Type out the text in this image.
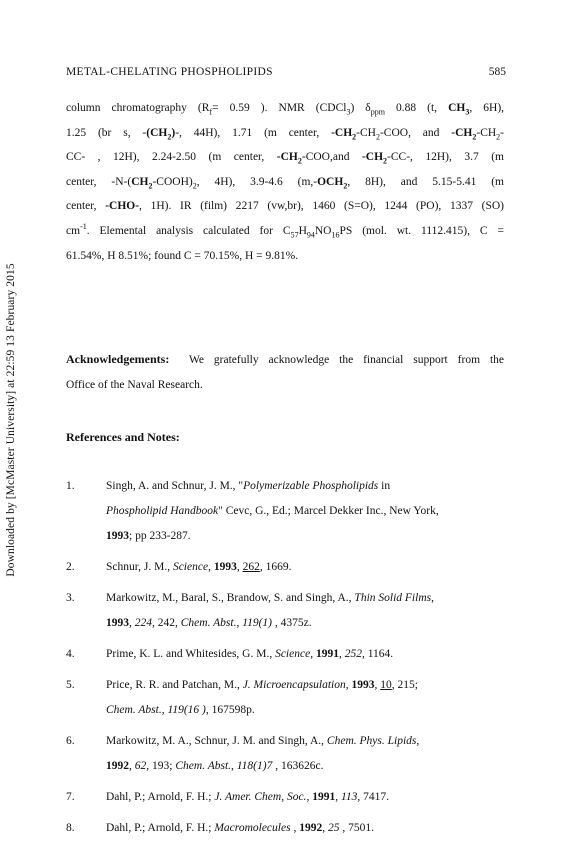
Downloaded by [McMaster University] at 22:59 13 February 2015
METAL-CHELATING PHOSPHOLIPIDS	585
column chromatography ($R_f= 0.59$ ). NMR (CDCl$_3$) $\delta_{ppm}$ 0.88 (t, $CH_3$, 6H),
1.25 (br s, $-(CH_2)-$, 44H), 1.71 (m center, $-CH_2-CH_2$-COO, and $-CH_2-CH_2-$
CC- , 12H), 2.24-2.50 (m center, $-CH_2-COO,and$ $-CH_2-CC-$, 12H), 3.7 (m
center, $-N-(CH_2-COOH)_2$, 4H), 3.9-4.6 ($m,-OCH_2$, 8H), and 5.15-5.41 (m
center, -CHO-, 1H). IR (film) 2217 (vw,br), 1460 (S=O), 1244 (PO), 1337 (SO)
$cm^{-1}$. Elemental analysis calculated for $C_{57}H_{94}NO_{16}PS$ (mol. wt. 1112.415), C =
61.54%, H 8.51%; found C = 70.15%, H = 9.81%.
Acknowledgements: We gratefully acknowledge the financial support from the
Office of the Naval Research.
References and Notes:
1.	Singh, A. and Schnur, J. M., "Polymerizable Phospholipids in
Phospholipid Handbook" Cevc, G., Ed.; Marcel Dekker Inc., New York,
1993; pp 233-287.
2.	Schnur, J. M., Science, 1993, 262, 1669.
3.	Markowitz, M., Baral, S., Brandow, S. and Singh, A., Thin Solid Films,
1993, 224, 242, Chem. Abst., 119(1) , 4375z.
4.	Prime, K. L. and Whitesides, G. M., Science, 1991, 252, 1164.
5.	Price, R. R. and Patchan, M., J. Microencapsulation, 1993, 10, 215;
Chem. Abst., 119(16 ), 167598p.
6.	Markowitz, M. A., Schnur, J. M. and Singh, A., Chem. Phys. Lipids,
1992, 62, 193; Chem. Abst., 118(1)7 , 163626c.
7.	Dahl, P.; Arnold, F. H.; J. Amer. Chem, Soc., 1991, 113, 7417.
8.	Dahl, P.; Arnold, F. H.; Macromolecules , 1992, 25 , 7501.
